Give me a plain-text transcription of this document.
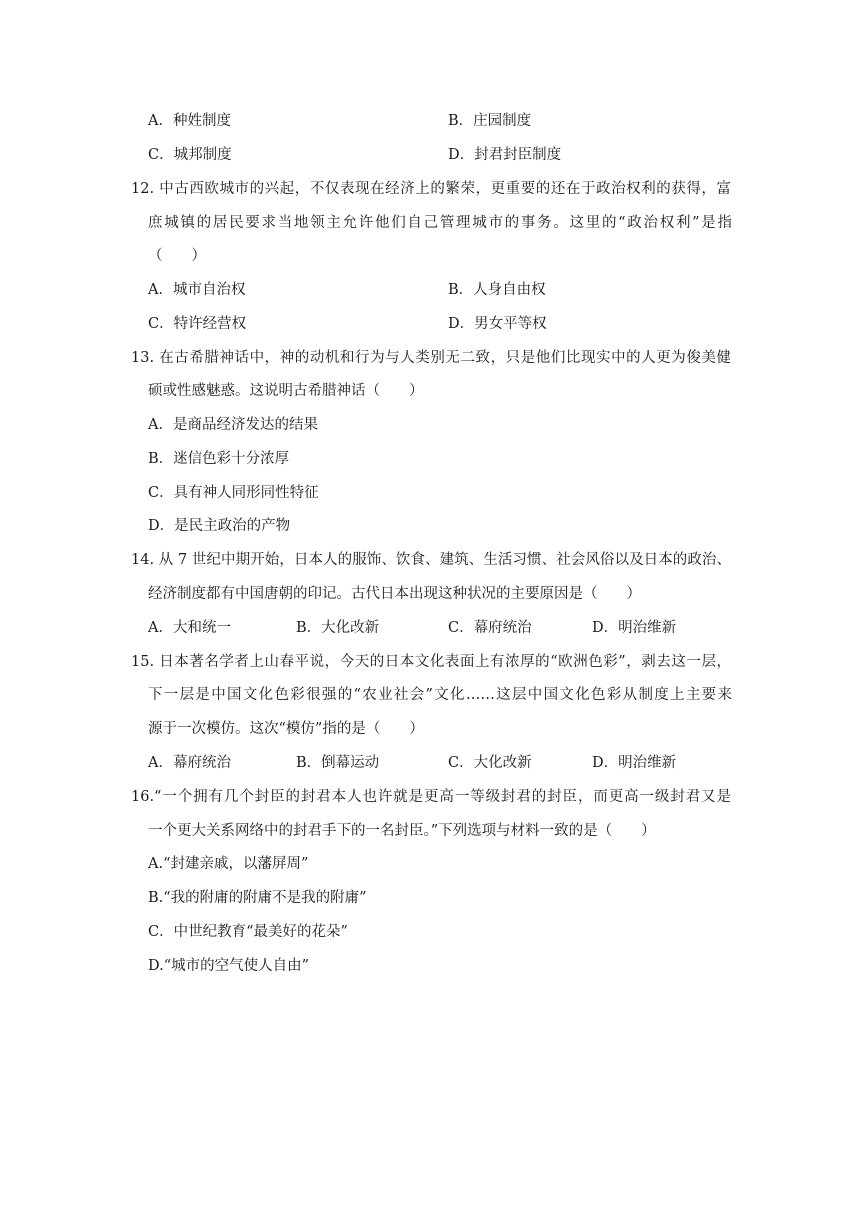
A．种姓制度	B．庄园制度
C．城邦制度	D．封君封臣制度
12. 中古西欧城市的兴起，不仅表现在经济上的繁荣，更重要的还在于政治权利的获得，富
庶城镇的居民要求当地领主允许他们自己管理城市的事务。这里的“政治权利”是指
（　　）
A．城市自治权	B．人身自由权
C．特许经营权	D．男女平等权
13. 在古希腊神话中，神的动机和行为与人类别无二致，只是他们比现实中的人更为俊美健
硕或性感魅惑。这说明古希腊神话（　　）
A．是商品经济发达的结果
B．迷信色彩十分浓厚
C．具有神人同形同性特征
D．是民主政治的产物
14. 从 7 世纪中期开始，日本人的服饰、饮食、建筑、生活习惯、社会风俗以及日本的政治、
经济制度都有中国唐朝的印记。古代日本出现这种状况的主要原因是（　　）
A．大和统一	B．大化改新	C．幕府统治	D．明治维新
15. 日本著名学者上山春平说，今天的日本文化表面上有浓厚的“欧洲色彩”，剥去这一层，
下一层是中国文化色彩很强的“农业社会”文化……这层中国文化色彩从制度上主要来
源于一次模仿。这次“模仿”指的是（　　）
A．幕府统治	B．倒幕运动	C．大化改新	D．明治维新
16.“一个拥有几个封臣的封君本人也许就是更高一等级封君的封臣，而更高一级封君又是
一个更大关系网络中的封君手下的一名封臣。”下列选项与材料一致的是（　　）
A.“封建亲戚，以藩屏周”
B.“我的附庸的附庸不是我的附庸”
C．中世纪教育“最美好的花朵”
D.“城市的空气使人自由”
